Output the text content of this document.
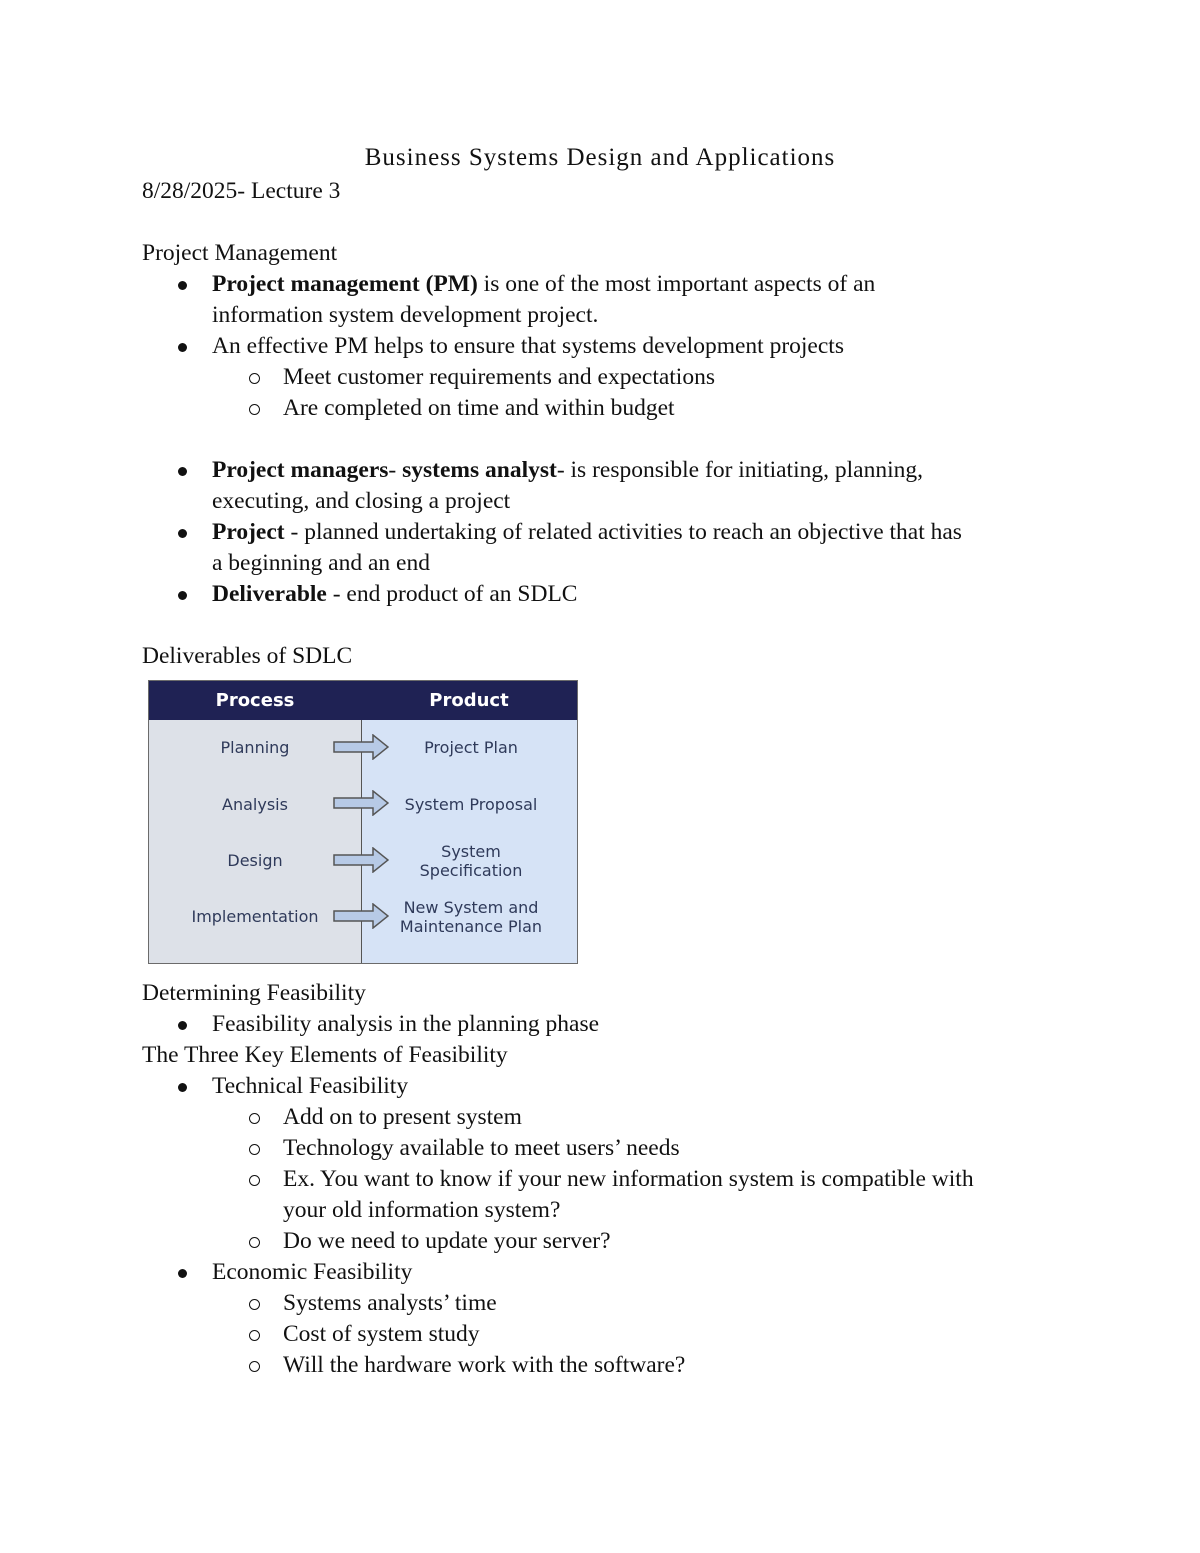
Business Systems Design and Applications

8/28/2025- Lecture 3

Project Management

Project management (PM) is one of the most important aspects of an

information system development project.

An effective PM helps to ensure that systems development projects

Meet customer requirements and expectations

Are completed on time and within budget

Project managers- systems analyst- is responsible for initiating, planning,

executing, and closing a project

Project - planned undertaking of related activities to reach an objective that has

a beginning and an end

Deliverable - end product of an SDLC

Deliverables of SDLC

Process	Product
Planning	Project Plan
Analysis	System Proposal
Design	System
Specification
Implementation	New System and
Maintenance Plan

Determining Feasibility

Feasibility analysis in the planning phase

The Three Key Elements of Feasibility

Technical Feasibility

Add on to present system

Technology available to meet users’ needs

Ex. You want to know if your new information system is compatible with

your old information system?

Do we need to update your server?

Economic Feasibility

Systems analysts’ time

Cost of system study

Will the hardware work with the software?
